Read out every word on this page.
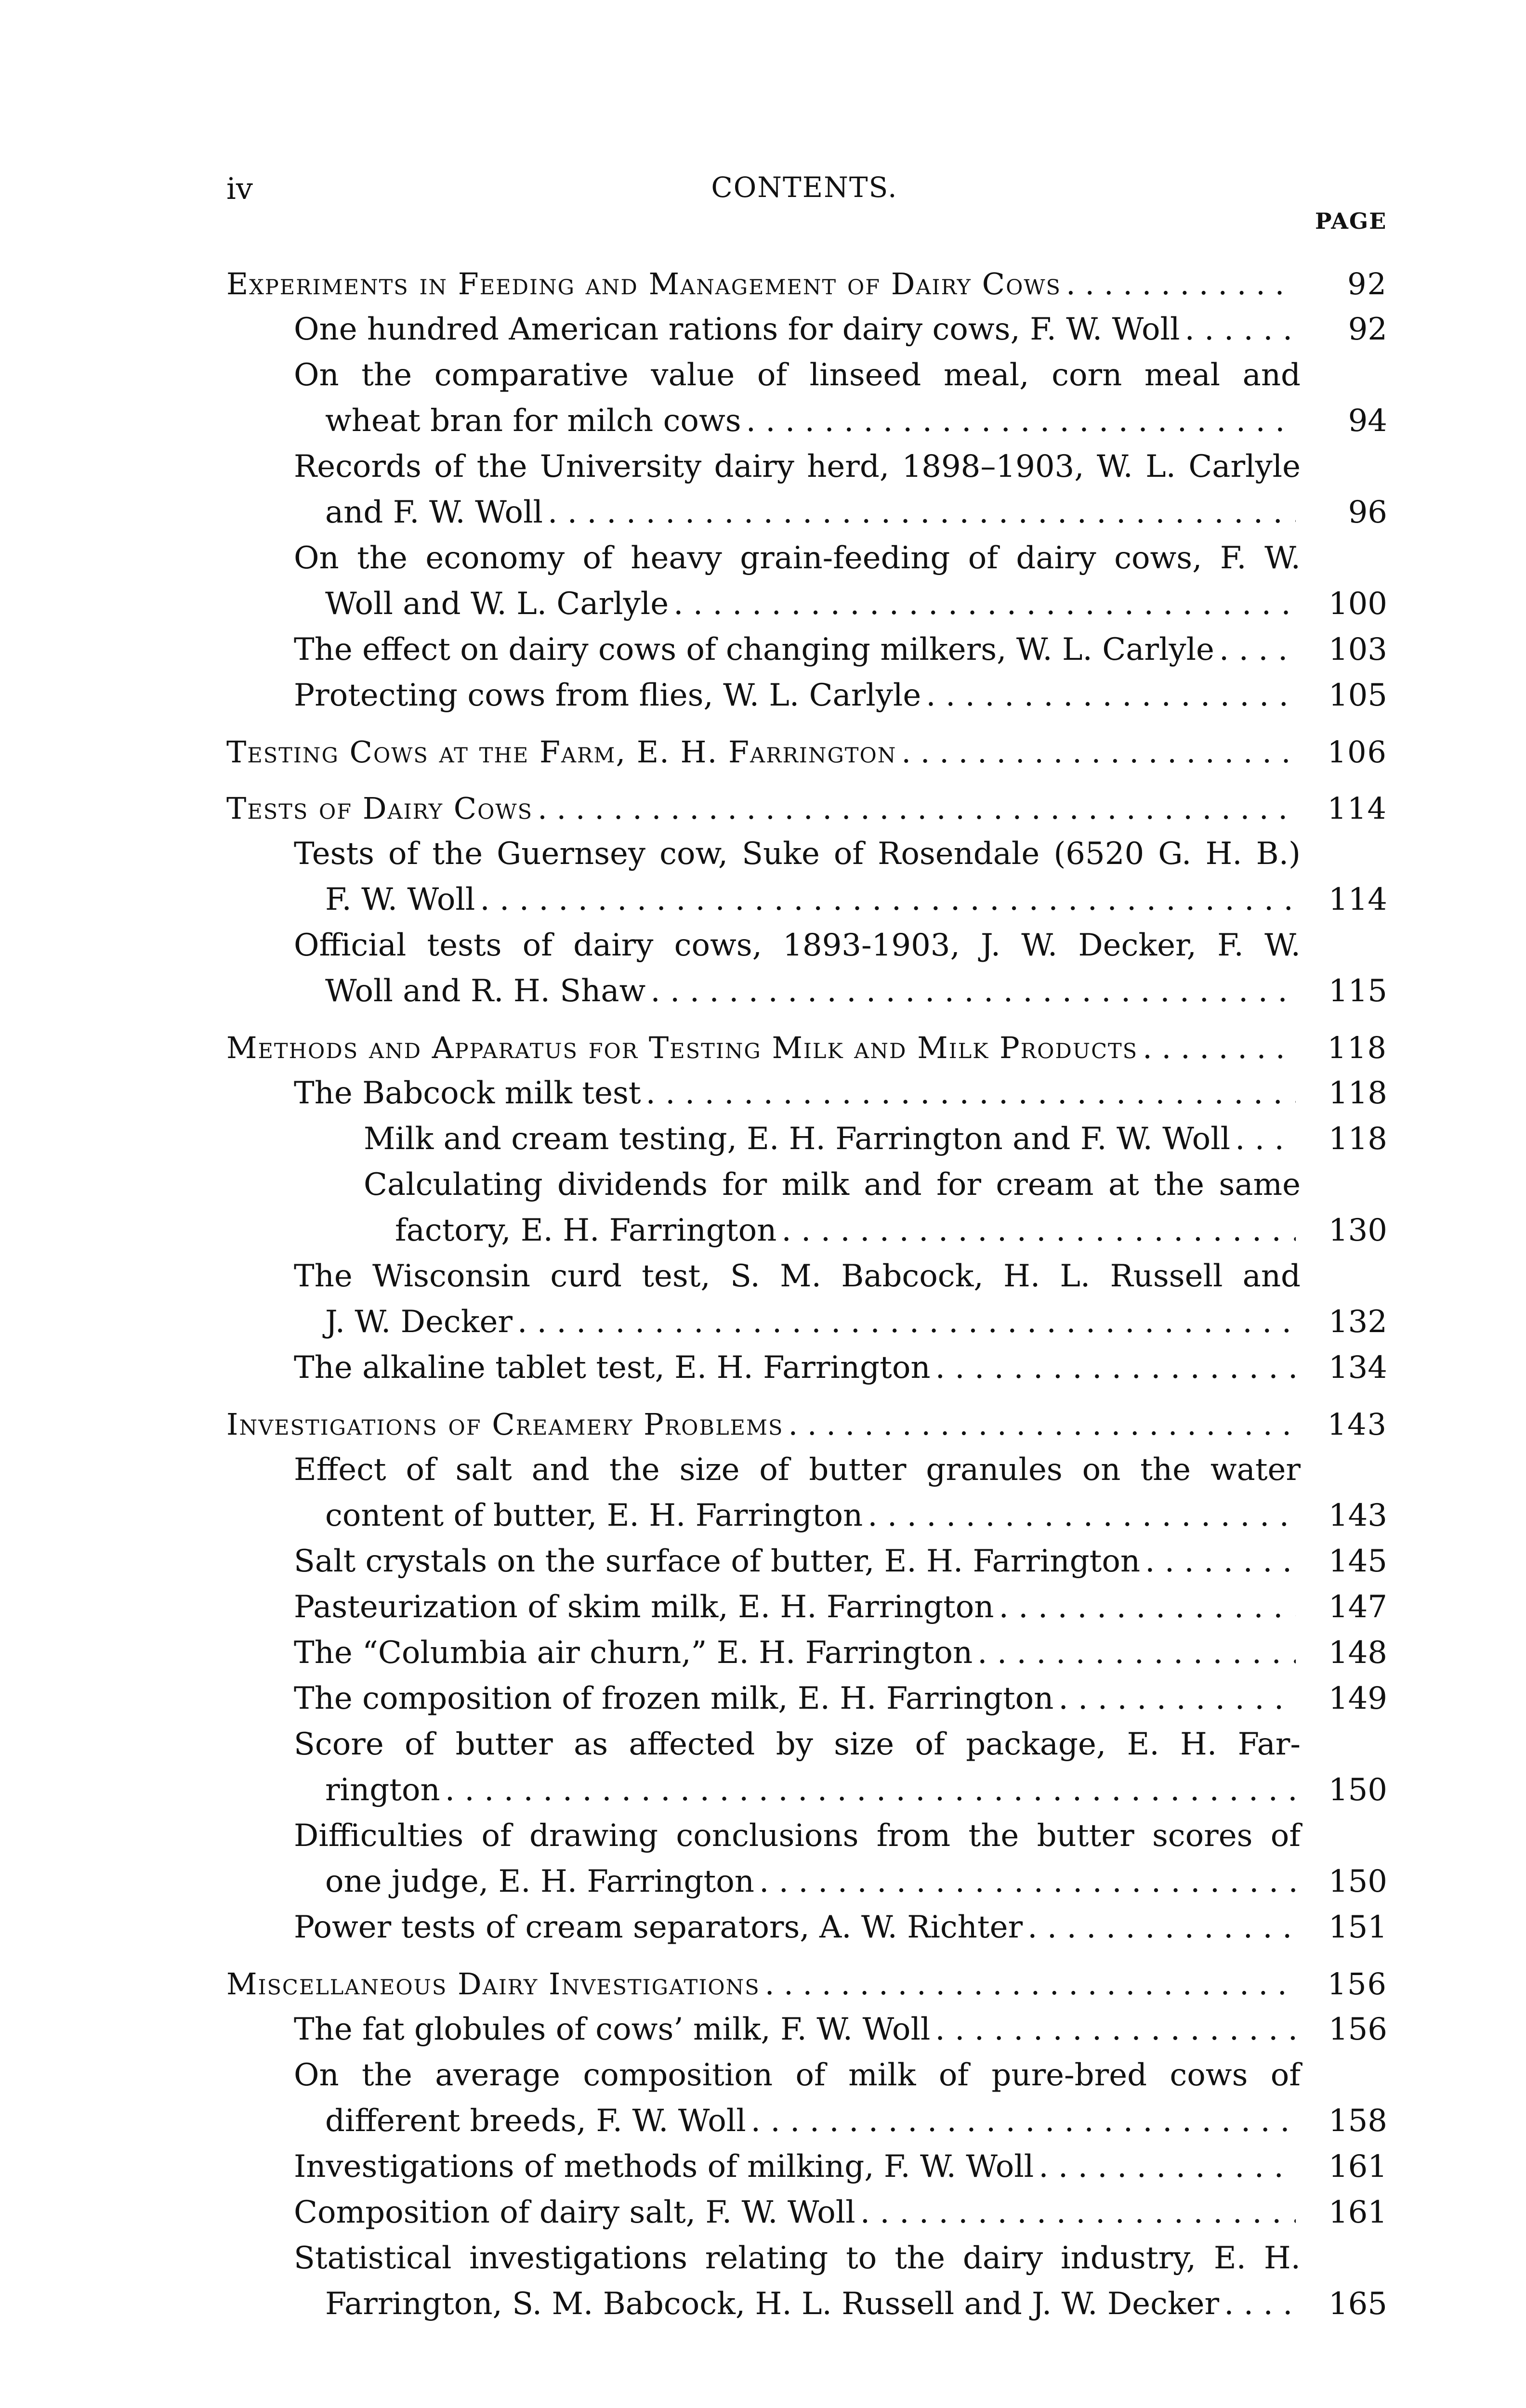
iv	CONTENTS.
PAGE
Experiments in Feeding and Management of Dairy Cows . . .	92
One hundred American rations for dairy cows, F. W. Woll . . .	92
On the comparative value of linseed meal, corn meal and
wheat bran for milch cows . . .	94
Records of the University dairy herd, 1898–1903, W. L. Carlyle
and F. W. Woll . . .	96
On the economy of heavy grain-feeding of dairy cows, F. W.
Woll and W. L. Carlyle . . .	100
The effect on dairy cows of changing milkers, W. L. Carlyle . . .	103
Protecting cows from flies, W. L. Carlyle . . .	105
Testing Cows at the Farm, E. H. Farrington . . .	106
Tests of Dairy Cows . . .	114
Tests of the Guernsey cow, Suke of Rosendale (6520 G. H. B.)
F. W. Woll . . .	114
Official tests of dairy cows, 1893-1903, J. W. Decker, F. W.
Woll and R. H. Shaw . . .	115
Methods and Apparatus for Testing Milk and Milk Products . . .	118
The Babcock milk test . . .	118
Milk and cream testing, E. H. Farrington and F. W. Woll . . .	118
Calculating dividends for milk and for cream at the same
factory, E. H. Farrington . . .	130
The Wisconsin curd test, S. M. Babcock, H. L. Russell and
J. W. Decker . . .	132
The alkaline tablet test, E. H. Farrington . . .	134
Investigations of Creamery Problems . . .	143
Effect of salt and the size of butter granules on the water
content of butter, E. H. Farrington . . .	143
Salt crystals on the surface of butter, E. H. Farrington . . .	145
Pasteurization of skim milk, E. H. Farrington . . .	147
The “Columbia air churn,” E. H. Farrington . . .	148
The composition of frozen milk, E. H. Farrington . . .	149
Score of butter as affected by size of package, E. H. Far-
rington . . .	150
Difficulties of drawing conclusions from the butter scores of
one judge, E. H. Farrington . . .	150
Power tests of cream separators, A. W. Richter . . .	151
Miscellaneous Dairy Investigations . . .	156
The fat globules of cows’ milk, F. W. Woll . . .	156
On the average composition of milk of pure-bred cows of
different breeds, F. W. Woll . . .	158
Investigations of methods of milking, F. W. Woll . . .	161
Composition of dairy salt, F. W. Woll . . .	161
Statistical investigations relating to the dairy industry, E. H.
Farrington, S. M. Babcock, H. L. Russell and J. W. Decker . . .	165
